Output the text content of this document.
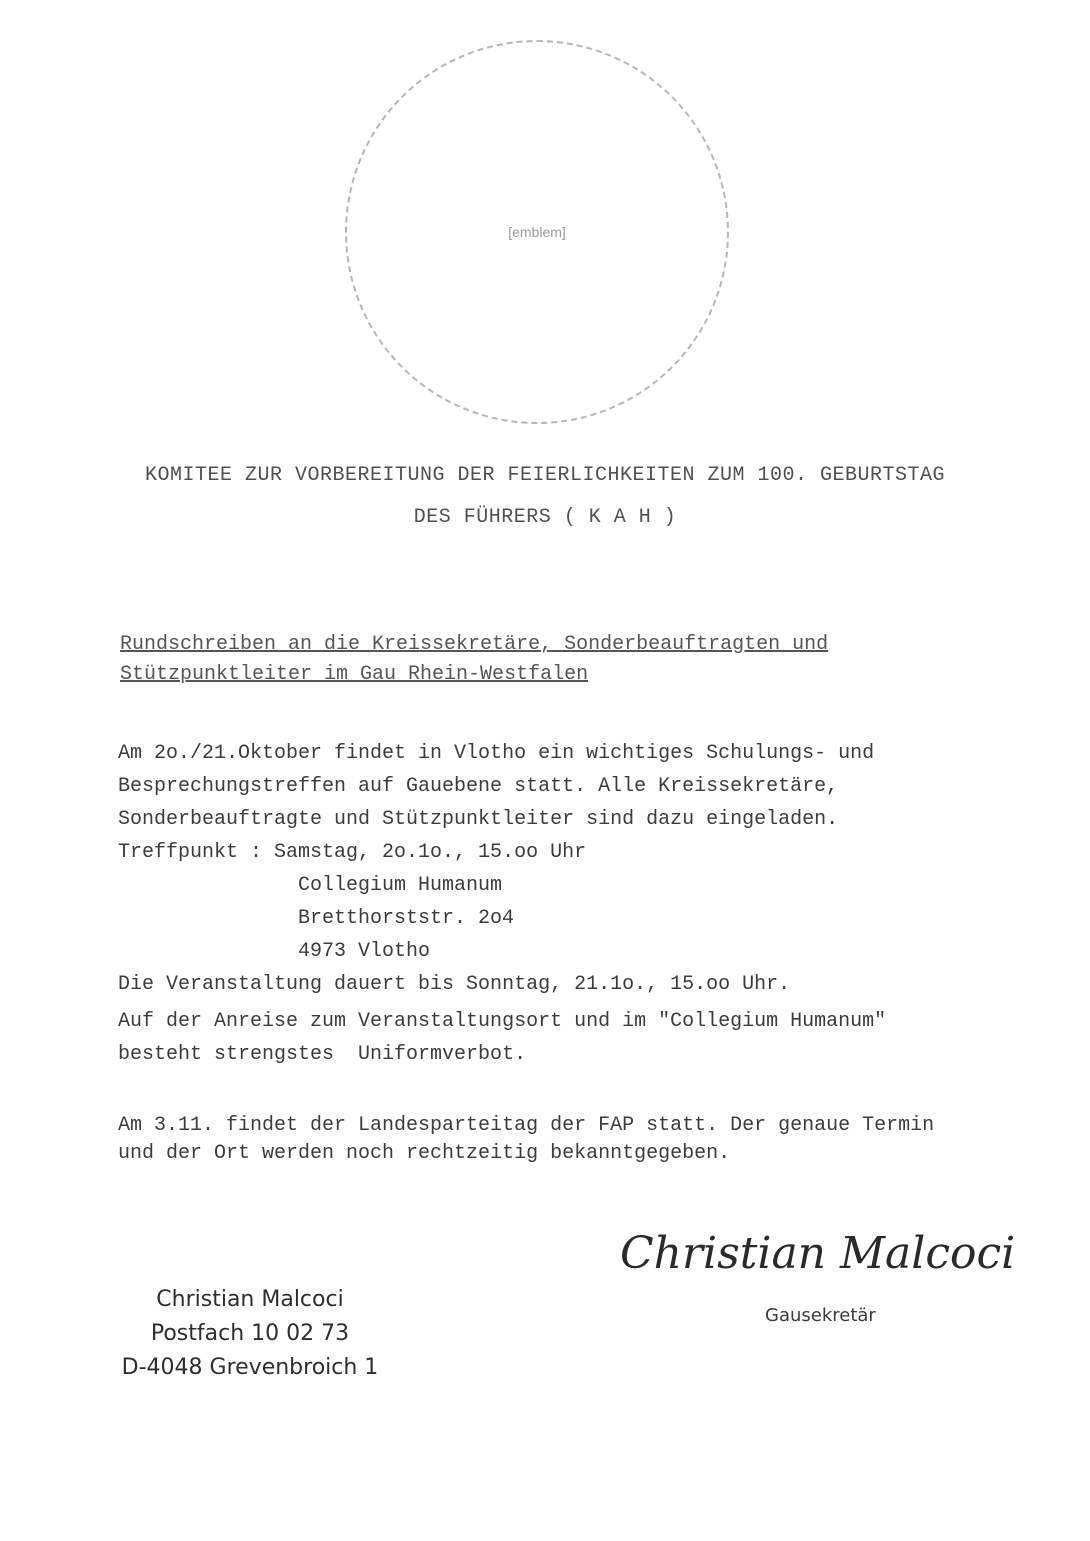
[emblem]
KOMITEE ZUR VORBEREITUNG DER FEIERLICHKEITEN ZUM 100. GEBURTSTAG
DES FÜHRERS ( K A H )
Rundschreiben an die Kreissekretäre, Sonderbeauftragten und
Stützpunktleiter im Gau Rhein-Westfalen
Am 2o./21.Oktober findet in Vlotho ein wichtiges Schulungs- und
Besprechungstreffen auf Gauebene statt. Alle Kreissekretäre,
Sonderbeauftragte und Stützpunktleiter sind dazu eingeladen.
Treffpunkt : Samstag, 2o.1o., 15.oo Uhr
Collegium Humanum
Bretthorststr. 2o4
4973 Vlotho
Die Veranstaltung dauert bis Sonntag, 21.1o., 15.oo Uhr.
Auf der Anreise zum Veranstaltungsort und im "Collegium Humanum"
besteht strengstes  Uniformverbot.
Am 3.11. findet der Landesparteitag der FAP statt. Der genaue Termin
und der Ort werden noch rechtzeitig bekanntgegeben.
Christian Malcoci
Gausekretär
Christian Malcoci
Postfach 10 02 73
D-4048 Grevenbroich 1
